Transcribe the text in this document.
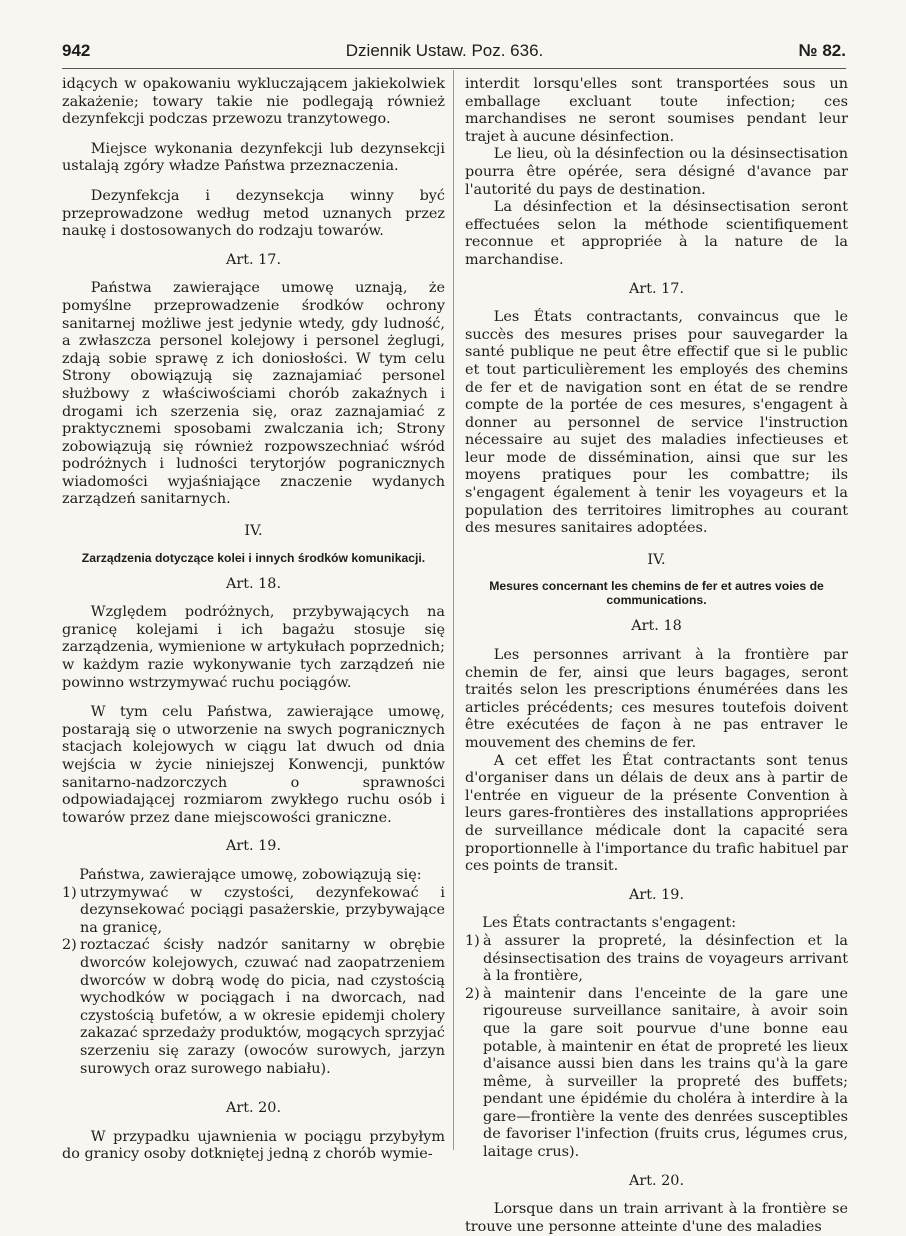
942	Dziennik Ustaw. Poz. 636.	№ 82.

idących w opakowaniu wykluczającem jakiekolwiek zakażenie; towary takie nie podlegają również dezynfekcji podczas przewozu tranzytowego.

Miejsce wykonania dezynfekcji lub dezynsekcji ustalają zgóry władze Państwa przeznaczenia.

Dezynfekcja i dezynsekcja winny być przeprowadzone według metod uznanych przez naukę i dostosowanych do rodzaju towarów.

Art. 17.

Państwa zawierające umowę uznają, że pomyślne przeprowadzenie środków ochrony sanitarnej możliwe jest jedynie wtedy, gdy ludność, a zwłaszcza personel kolejowy i personel żeglugi, zdają sobie sprawę z ich doniosłości. W tym celu Strony obowiązują się zaznajamiać personel służbowy z właściwościami chorób zakaźnych i drogami ich szerzenia się, oraz zaznajamiać z praktycznemi sposobami zwalczania ich; Strony zobowiązują się również rozpowszechniać wśród podróżnych i ludności terytorjów pogranicznych wiadomości wyjaśniające znaczenie wydanych zarządzeń sanitarnych.

IV.

Zarządzenia dotyczące kolei i innych środków komunikacji.

Art. 18.

Względem podróżnych, przybywających na granicę kolejami i ich bagażu stosuje się zarządzenia, wymienione w artykułach poprzednich; w każdym razie wykonywanie tych zarządzeń nie powinno wstrzymywać ruchu pociągów.

W tym celu Państwa, zawierające umowę, postarają się o utworzenie na swych pogranicznych stacjach kolejowych w ciągu lat dwuch od dnia wejścia w życie niniejszej Konwencji, punktów sanitarno-nadzorczych o sprawności odpowiadającej rozmiarom zwykłego ruchu osób i towarów przez dane miejscowości graniczne.

Art. 19.

Państwa, zawierające umowę, zobowiązują się:

1) utrzymywać w czystości, dezynfekować i dezynsekować pociągi pasażerskie, przybywające na granicę,
2) roztaczać ścisły nadzór sanitarny w obrębie dworców kolejowych, czuwać nad zaopatrzeniem dworców w dobrą wodę do picia, nad czystością wychodków w pociągach i na dworcach, nad czystością bufetów, a w okresie epidemji cholery zakazać sprzedaży produktów, mogących sprzyjać szerzeniu się zarazy (owoców surowych, jarzyn surowych oraz surowego nabiału).

Art. 20.

W przypadku ujawnienia w pociągu przybyłym do granicy osoby dotkniętej jedną z chorób wymie-

interdit lorsqu'elles sont transportées sous un emballage excluant toute infection; ces marchandises ne seront soumises pendant leur trajet à aucune désinfection.

Le lieu, où la désinfection ou la désinsectisation pourra être opérée, sera désigné d'avance par l'autorité du pays de destination.

La désinfection et la désinsectisation seront effectuées selon la méthode scientifiquement reconnue et appropriée à la nature de la marchandise.

Art. 17.

Les États contractants, convaincus que le succès des mesures prises pour sauvegarder la santé publique ne peut être effectif que si le public et tout particulièrement les employés des chemins de fer et de navigation sont en état de se rendre compte de la portée de ces mesures, s'engagent à donner au personnel de service l'instruction nécessaire au sujet des maladies infectieuses et leur mode de dissémination, ainsi que sur les moyens pratiques pour les combattre; ils s'engagent également à tenir les voyageurs et la population des territoires limitrophes au courant des mesures sanitaires adoptées.

IV.

Mesures concernant les chemins de fer et autres voies de communications.

Art. 18

Les personnes arrivant à la frontière par chemin de fer, ainsi que leurs bagages, seront traités selon les prescriptions énumérées dans les articles précédents; ces mesures toutefois doivent être exécutées de façon à ne pas entraver le mouvement des chemins de fer.

A cet effet les État contractants sont tenus d'organiser dans un délais de deux ans à partir de l'entrée en vigueur de la présente Convention à leurs gares-frontières des installations appropriées de surveillance médicale dont la capacité sera proportionnelle à l'importance du trafic habituel par ces points de transit.

Art. 19.

Les États contractants s'engagent:

1) à assurer la propreté, la désinfection et la désinsectisation des trains de voyageurs arrivant à la frontière,
2) à maintenir dans l'enceinte de la gare une rigoureuse surveillance sanitaire, à avoir soin que la gare soit pourvue d'une bonne eau potable, à maintenir en état de propreté les lieux d'aisance aussi bien dans les trains qu'à la gare même, à surveiller la propreté des buffets; pendant une épidémie du choléra à interdire à la gare—frontière la vente des denrées susceptibles de favoriser l'infection (fruits crus, légumes crus, laitage crus).

Art. 20.

Lorsque dans un train arrivant à la frontière se trouve une personne atteinte d'une des maladies
